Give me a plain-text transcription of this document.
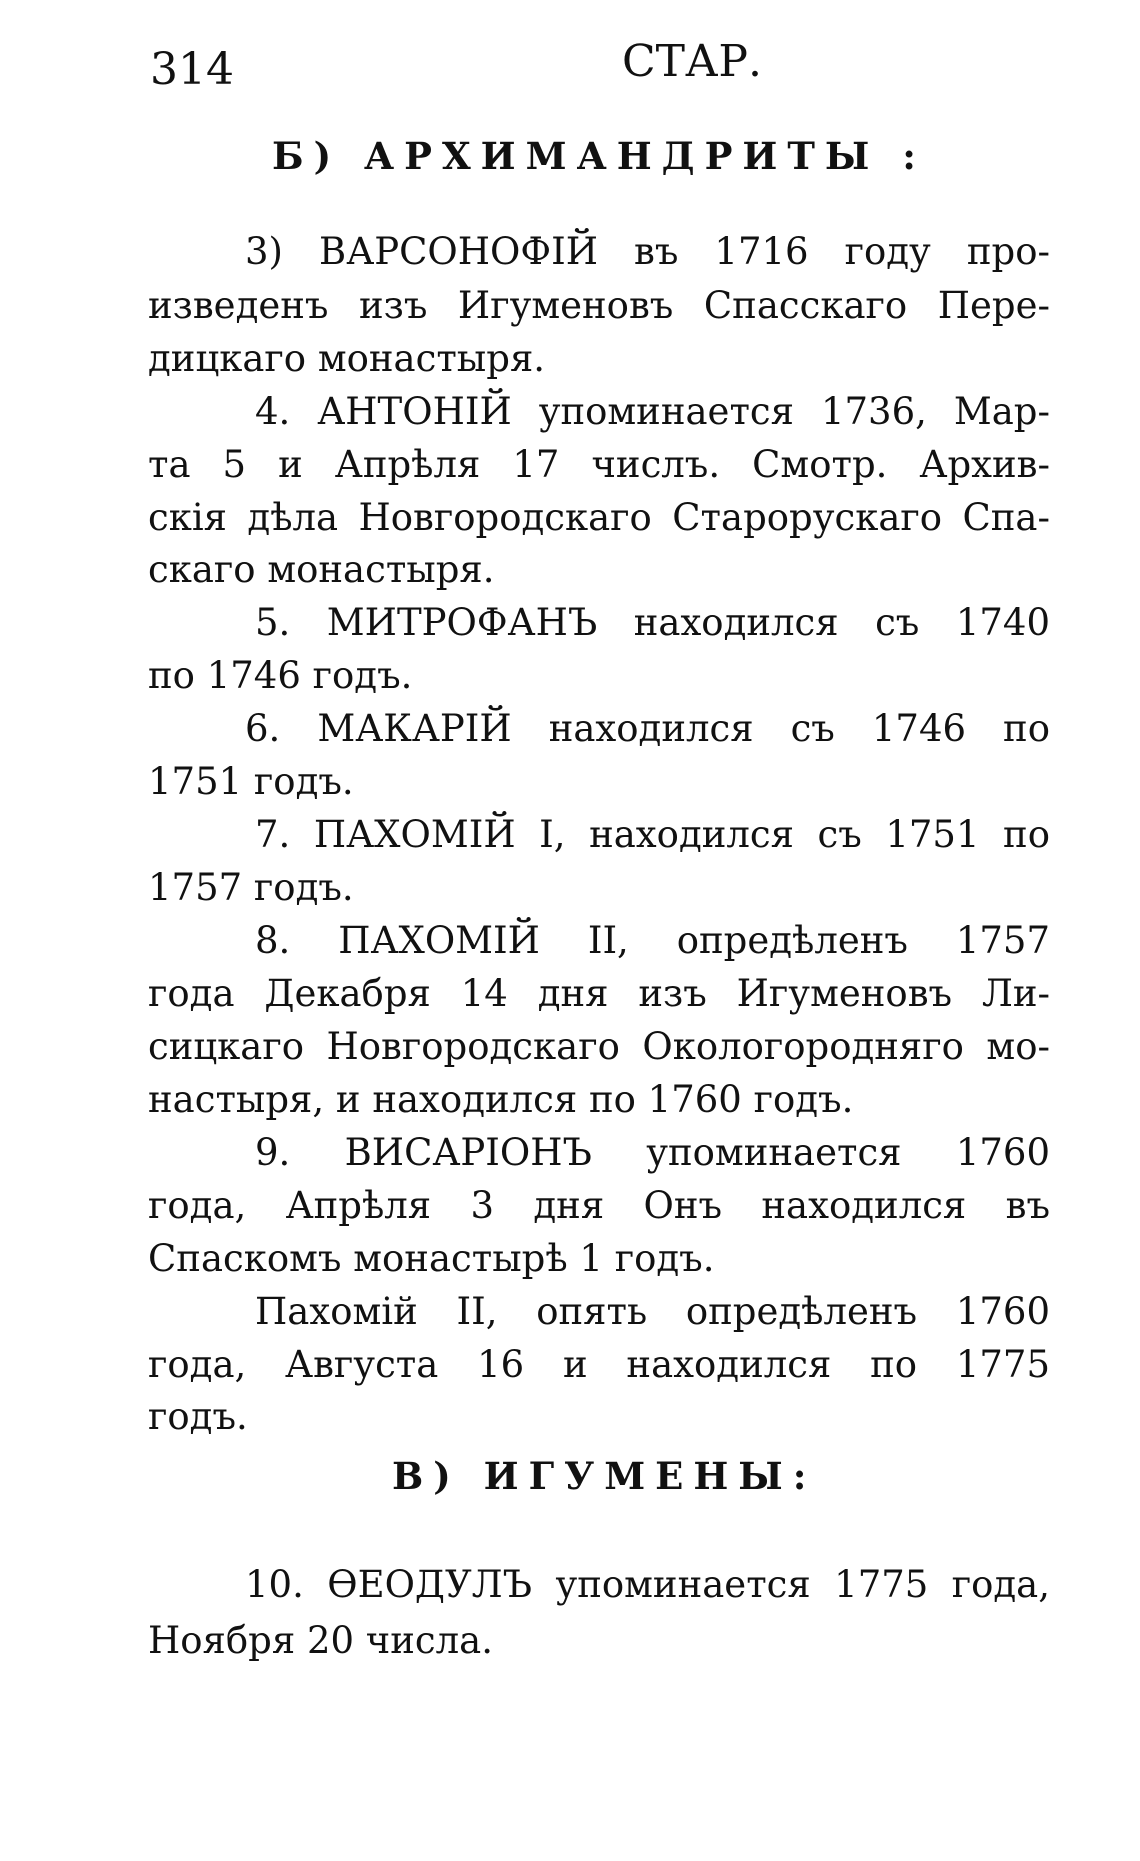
314	СТАР.
Б) АРХИМАНДРИТЫ :
3) ВАРСОНОФІЙ въ 1716 году про-
изведенъ изъ Игуменовъ Спасскаго Пере-
дицкаго монастыря.
4. АНТОНІЙ упоминается 1736, Мар-
та 5 и Апрѣля 17 числъ. Смотр. Архив-
скія дѣла Новгородскаго Старорускаго Спа-
скаго монастыря.
5. МИТРОФАНЪ находился съ 1740
по 1746 годъ.
6. МАКАРІЙ находился съ 1746 по
1751 годъ.
7. ПАХОМІЙ I, находился съ 1751 по
1757 годъ.
8. ПАХОМІЙ II, опредѣленъ 1757
года Декабря 14 дня изъ Игуменовъ Ли-
сицкаго Новгородскаго Окологородняго мо-
настыря, и находился по 1760 годъ.
9. ВИСАРІОНЪ упоминается 1760
года, Апрѣля 3 дня Онъ находился въ
Спаскомъ монастырѣ 1 годъ.
Пахомій II, опять опредѣленъ 1760
года, Августа 16 и находился по 1775
годъ.
В) ИГУМЕНЫ:
10. ѲЕОДУЛЪ упоминается 1775 года,
Ноября 20 числа.
